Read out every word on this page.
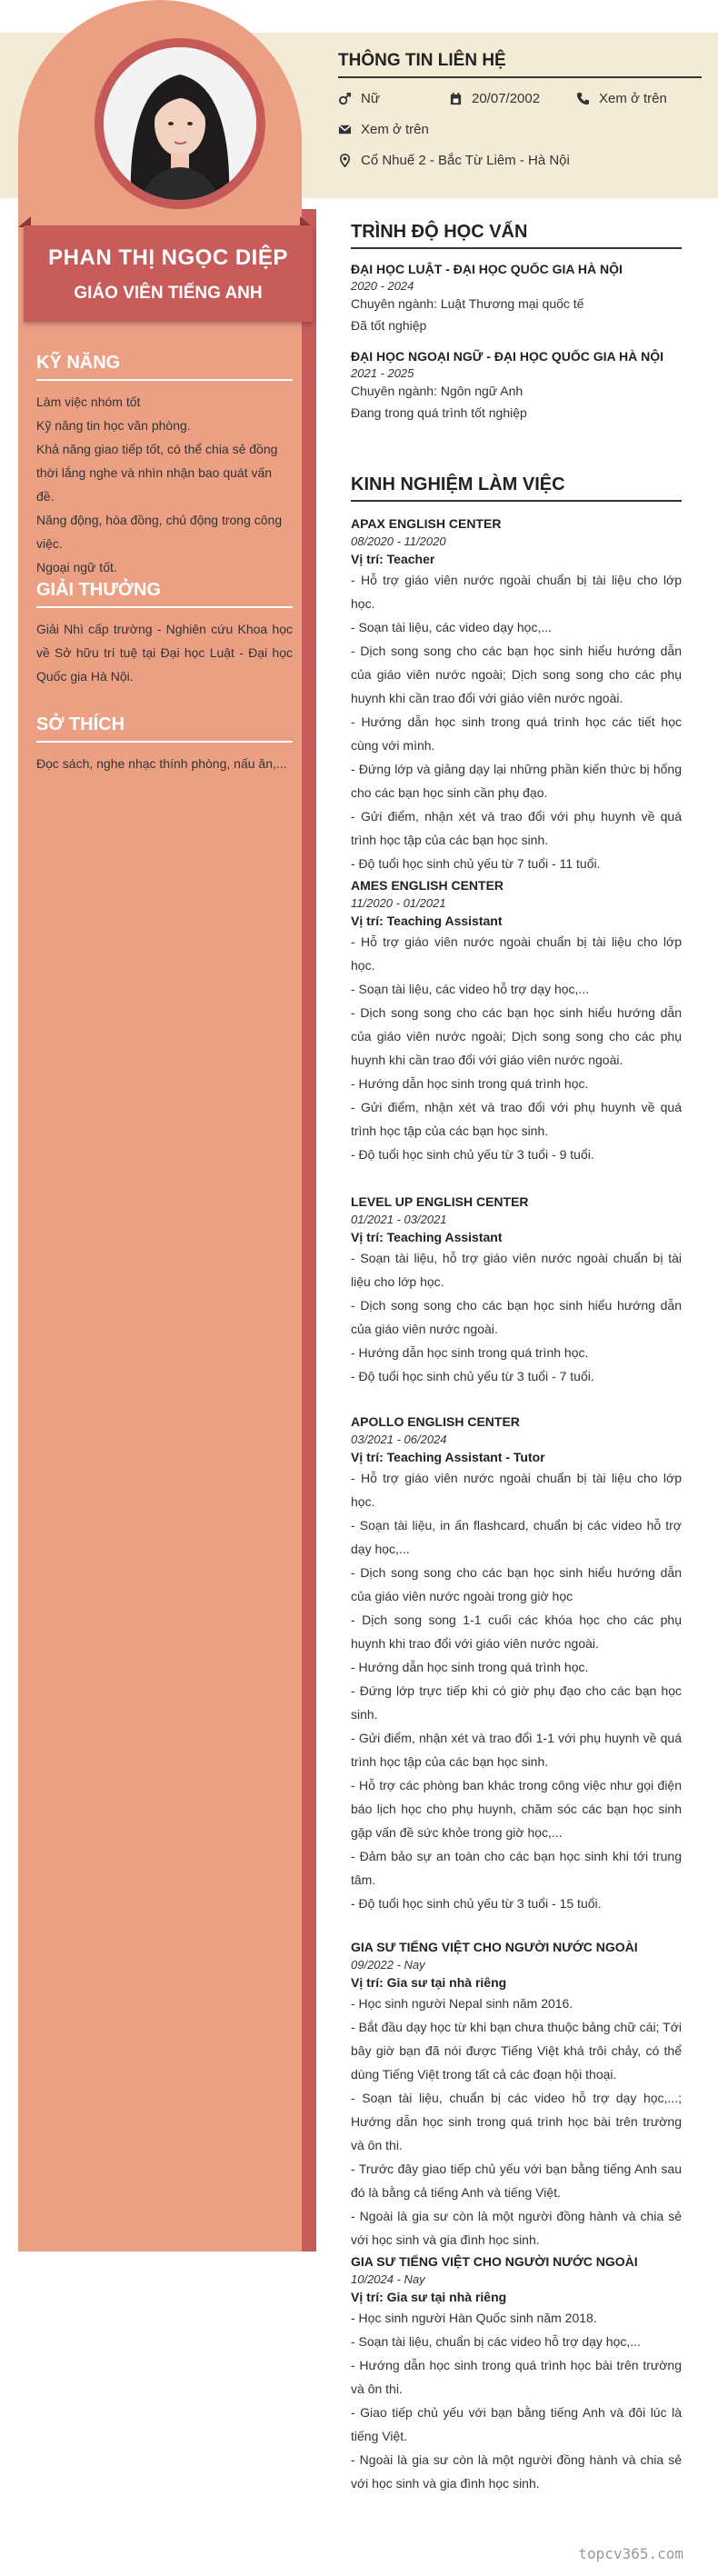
PHAN THỊ NGỌC DIỆP
GIÁO VIÊN TIẾNG ANH
KỸ NĂNG
Làm việc nhóm tốt
Kỹ năng tin học văn phòng.
Khả năng giao tiếp tốt, có thể chia sẻ đồng thời lắng nghe và nhìn nhận bao quát vấn đề.
Năng động, hòa đồng, chủ động trong công việc.
Ngoại ngữ tốt.
GIẢI THƯỞNG

Giải Nhì cấp trường - Nghiên cứu Khoa học về Sở hữu trí tuệ tại Đại học Luật - Đại học Quốc gia Hà Nội.

SỞ THÍCH

Đọc sách, nghe nhạc thính phòng, nấu ăn,...

THÔNG TIN LIÊN HỆ
Nữ	20/07/2002	Xem ở trên
Xem ở trên
Cổ Nhuế 2 - Bắc Từ Liêm - Hà Nội
TRÌNH ĐỘ HỌC VẤN
ĐẠI HỌC LUẬT - ĐẠI HỌC QUỐC GIA HÀ NỘI
2020 - 2024
Chuyên ngành: Luật Thương mại quốc tế
Đã tốt nghiệp
ĐẠI HỌC NGOẠI NGỮ - ĐẠI HỌC QUỐC GIA HÀ NỘI
2021 - 2025
Chuyên ngành: Ngôn ngữ Anh
Đang trong quá trình tốt nghiệp
KINH NGHIỆM LÀM VIỆC
APAX ENGLISH CENTER
08/2020 - 11/2020
Vị trí: Teacher
- Hỗ trợ giáo viên nước ngoài chuẩn bị tài liệu cho lớp học.
- Soạn tài liệu, các video dạy học,...
- Dịch song song cho các bạn học sinh hiểu hướng dẫn của giáo viên nước ngoài; Dịch song song cho các phụ huynh khi cần trao đổi với giáo viên nước ngoài.
- Hướng dẫn học sinh trong quá trình học các tiết học cùng với mình.
- Đứng lớp và giảng dạy lại những phần kiến thức bị hổng cho các bạn học sinh cần phụ đạo.
- Gửi điểm, nhận xét và trao đổi với phụ huynh về quá trình học tập của các bạn học sinh.
- Độ tuổi học sinh chủ yếu từ 7 tuổi - 11 tuổi.
AMES ENGLISH CENTER
11/2020 - 01/2021
Vị trí: Teaching Assistant
- Hỗ trợ giáo viên nước ngoài chuẩn bị tài liệu cho lớp học.
- Soạn tài liệu, các video hỗ trợ dạy học,...
- Dịch song song cho các bạn học sinh hiểu hướng dẫn của giáo viên nước ngoài; Dịch song song cho các phụ huynh khi cần trao đổi với giáo viên nước ngoài.
- Hướng dẫn học sinh trong quá trình học.
- Gửi điểm, nhận xét và trao đổi với phụ huynh về quá trình học tập của các bạn học sinh.
- Độ tuổi học sinh chủ yếu từ 3 tuổi - 9 tuổi.
LEVEL UP ENGLISH CENTER
01/2021 - 03/2021
Vị trí: Teaching Assistant
- Soạn tài liệu, hỗ trợ giáo viên nước ngoài chuẩn bị tài liệu cho lớp học.
- Dịch song song cho các bạn học sinh hiểu hướng dẫn của giáo viên nước ngoài.
- Hướng dẫn học sinh trong quá trình học.
- Độ tuổi học sinh chủ yếu từ 3 tuổi - 7 tuổi.
APOLLO ENGLISH CENTER
03/2021 - 06/2024
Vị trí: Teaching Assistant - Tutor
- Hỗ trợ giáo viên nước ngoài chuẩn bị tài liệu cho lớp học.
- Soạn tài liệu, in ấn flashcard, chuẩn bị các video hỗ trợ dạy học,...
- Dịch song song cho các bạn học sinh hiểu hướng dẫn của giáo viên nước ngoài trong giờ học
- Dịch song song 1-1 cuối các khóa học cho các phụ huynh khi trao đổi với giáo viên nước ngoài.
- Hướng dẫn học sinh trong quá trình học.
- Đứng lớp trực tiếp khi có giờ phụ đạo cho các bạn học sinh.
- Gửi điểm, nhận xét và trao đổi 1-1 với phụ huynh về quá trình học tập của các bạn học sinh.
- Hỗ trợ các phòng ban khác trong công việc như gọi điện báo lịch học cho phụ huynh, chăm sóc các bạn học sinh gặp vấn đề sức khỏe trong giờ học,...
- Đảm bảo sự an toàn cho các bạn học sinh khi tới trung tâm.
- Độ tuổi học sinh chủ yếu từ 3 tuổi - 15 tuổi.
GIA SƯ TIẾNG VIỆT CHO NGƯỜI NƯỚC NGOÀI
09/2022 - Nay
Vị trí: Gia sư tại nhà riêng
- Học sinh người Nepal sinh năm 2016.
- Bắt đầu dạy học từ khi bạn chưa thuộc bảng chữ cái; Tới bây giờ bạn đã nói được Tiếng Việt khá trôi chảy, có thể dùng Tiếng Việt trong tất cả các đoạn hội thoại.
- Soạn tài liệu, chuẩn bị các video hỗ trợ dạy học,...; Hướng dẫn học sinh trong quá trình học bài trên trường và ôn thi.
- Trước đây giao tiếp chủ yếu với bạn bằng tiếng Anh sau đó là bằng cả tiếng Anh và tiếng Việt.
- Ngoài là gia sư còn là một người đồng hành và chia sẻ với học sinh và gia đình học sinh.
GIA SƯ TIẾNG VIỆT CHO NGƯỜI NƯỚC NGOÀI
10/2024 - Nay
Vị trí: Gia sư tại nhà riêng
- Học sinh người Hàn Quốc sinh năm 2018.
- Soạn tài liệu, chuẩn bị các video hỗ trợ dạy học,...
- Hướng dẫn học sinh trong quá trình học bài trên trường và ôn thi.
- Giao tiếp chủ yếu với bạn bằng tiếng Anh và đôi lúc là tiếng Việt.
- Ngoài là gia sư còn là một người đồng hành và chia sẻ với học sinh và gia đình học sinh.
topcv365.com
